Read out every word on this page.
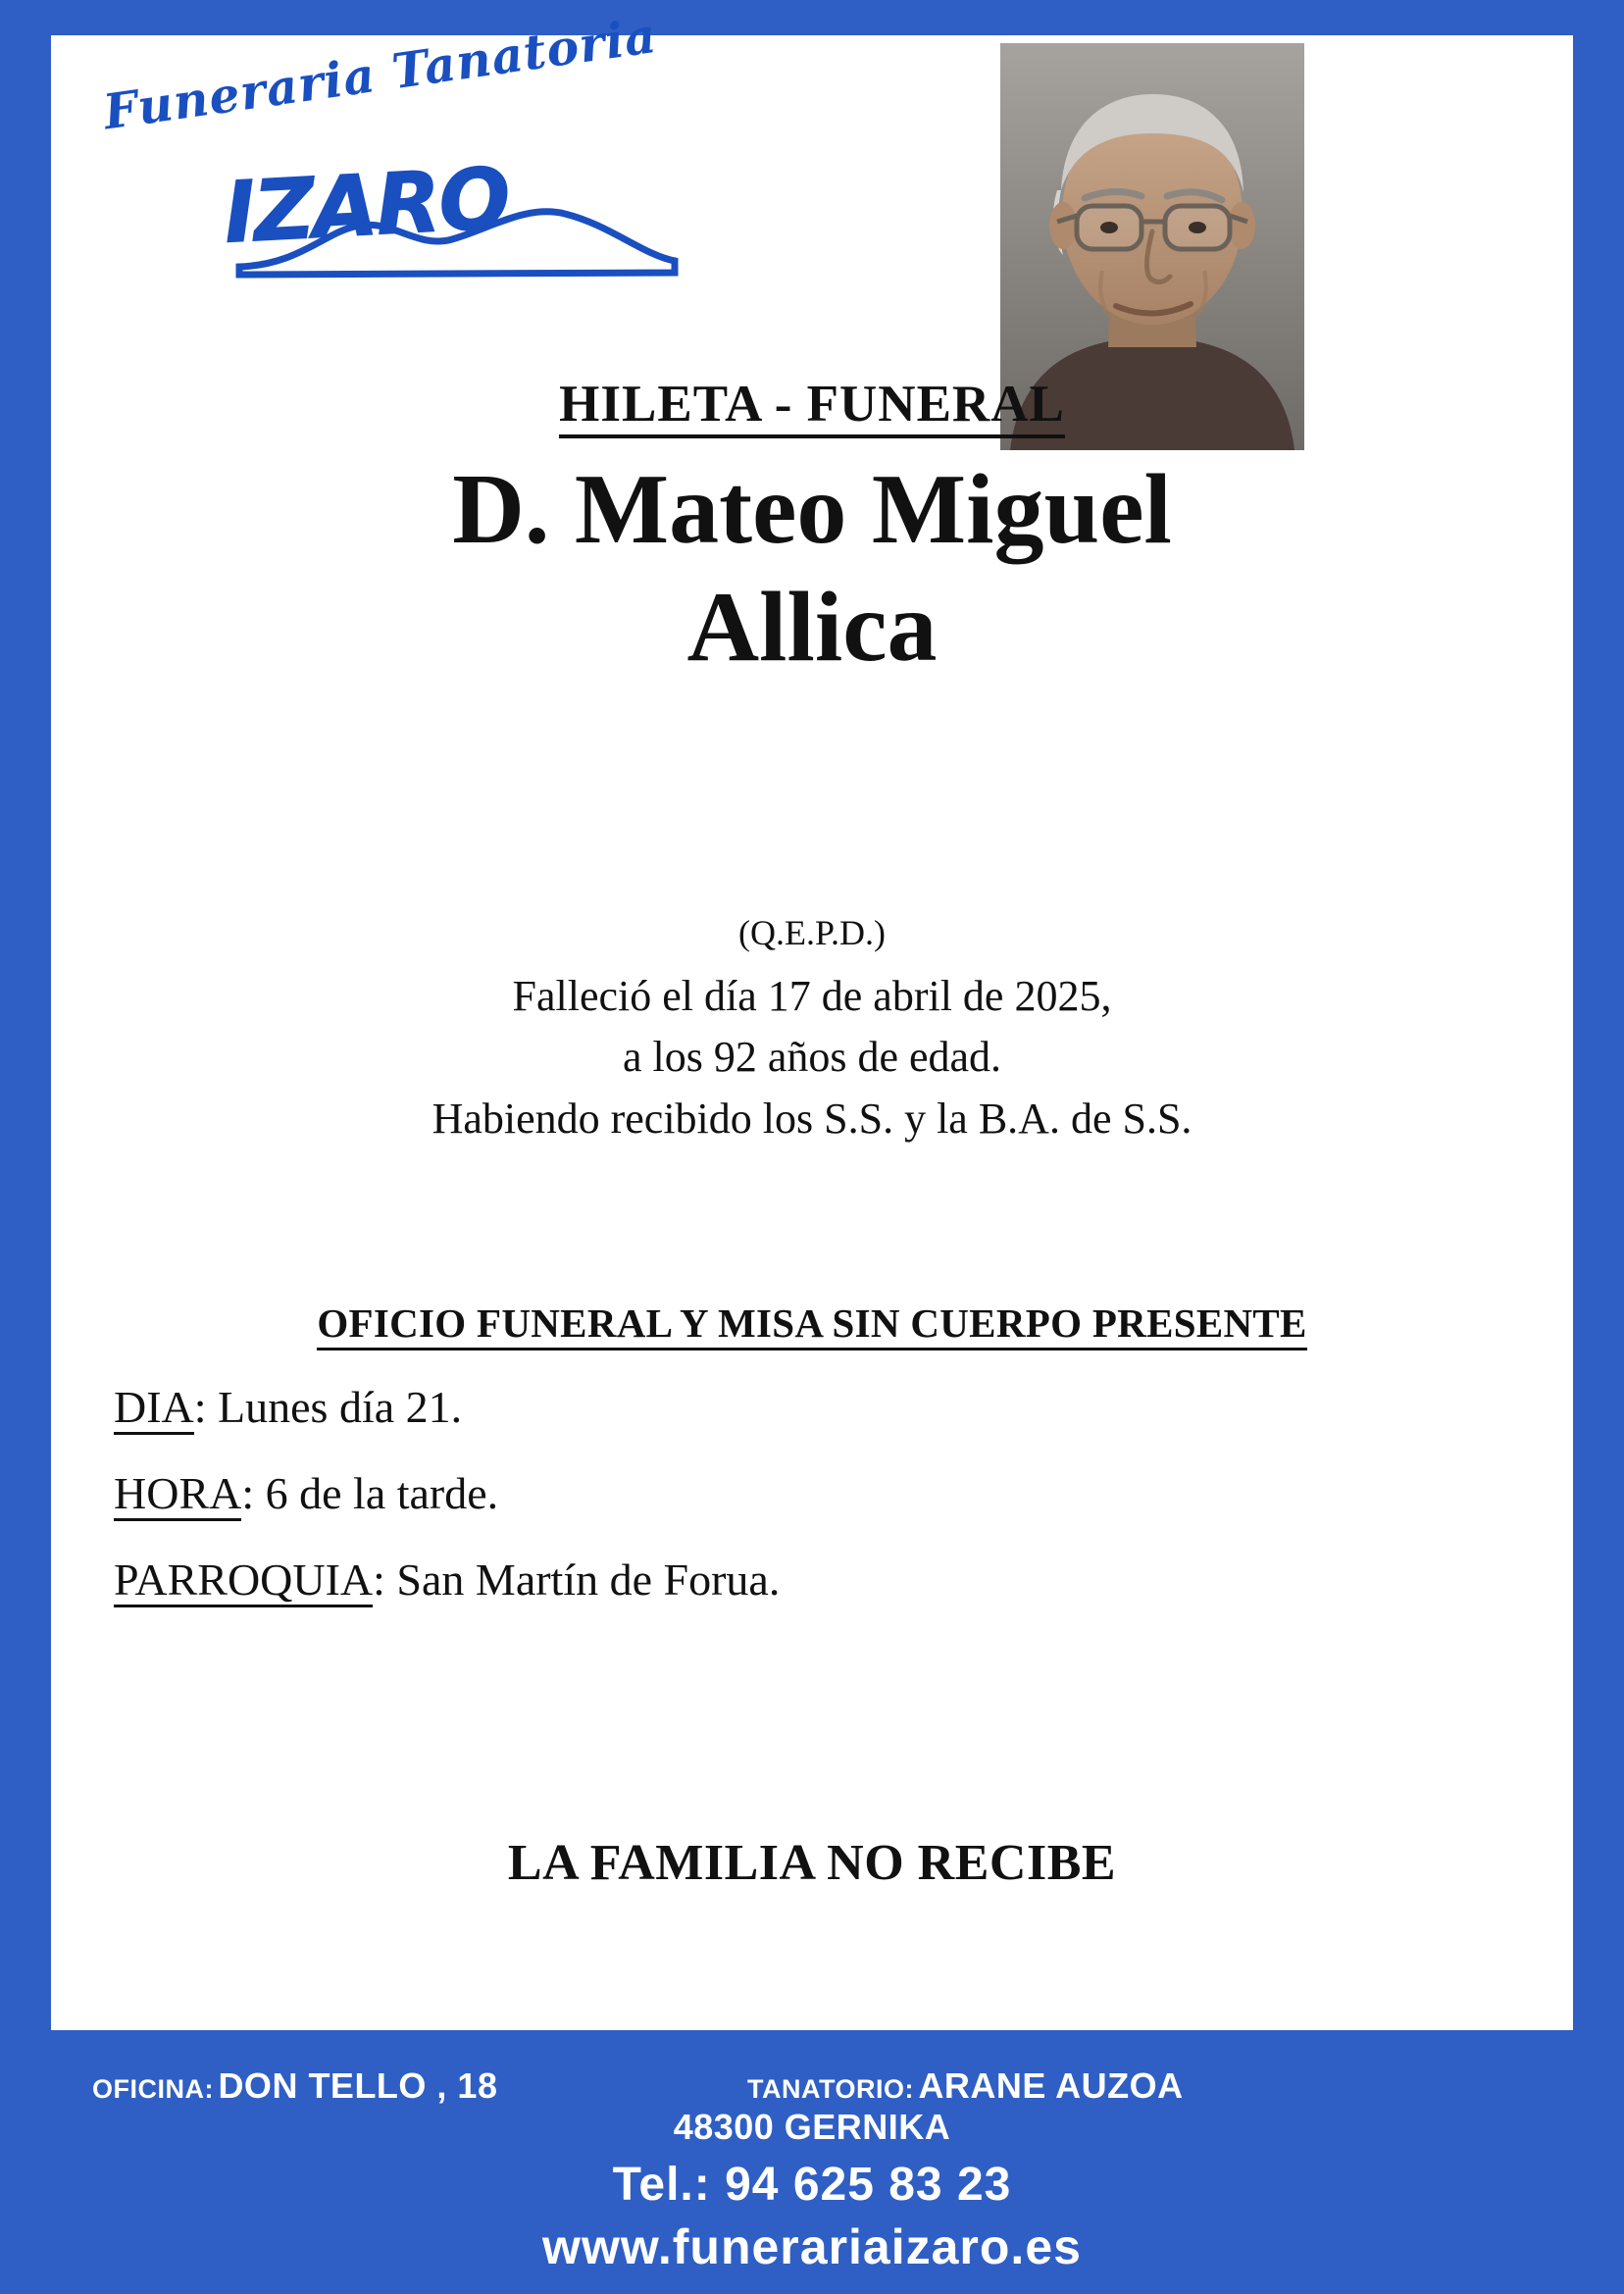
Funeraria Tanatoria
IZARO
HILETA - FUNERAL
D. Mateo Miguel
Allica
(Q.E.P.D.)
Falleció el día 17 de abril de 2025,
a los 92 años de edad.
Habiendo recibido los S.S. y la B.A. de S.S.
OFICIO FUNERAL Y MISA SIN CUERPO PRESENTE
DIA: Lunes día 21.
HORA: 6 de la tarde.
PARROQUIA: San Martín de Forua.
LA FAMILIA NO RECIBE
OFICINA: DON TELLO , 18	TANATORIO: ARANE AUZOA
48300 GERNIKA
Tel.: 94 625 83 23
www.funerariaizaro.es
